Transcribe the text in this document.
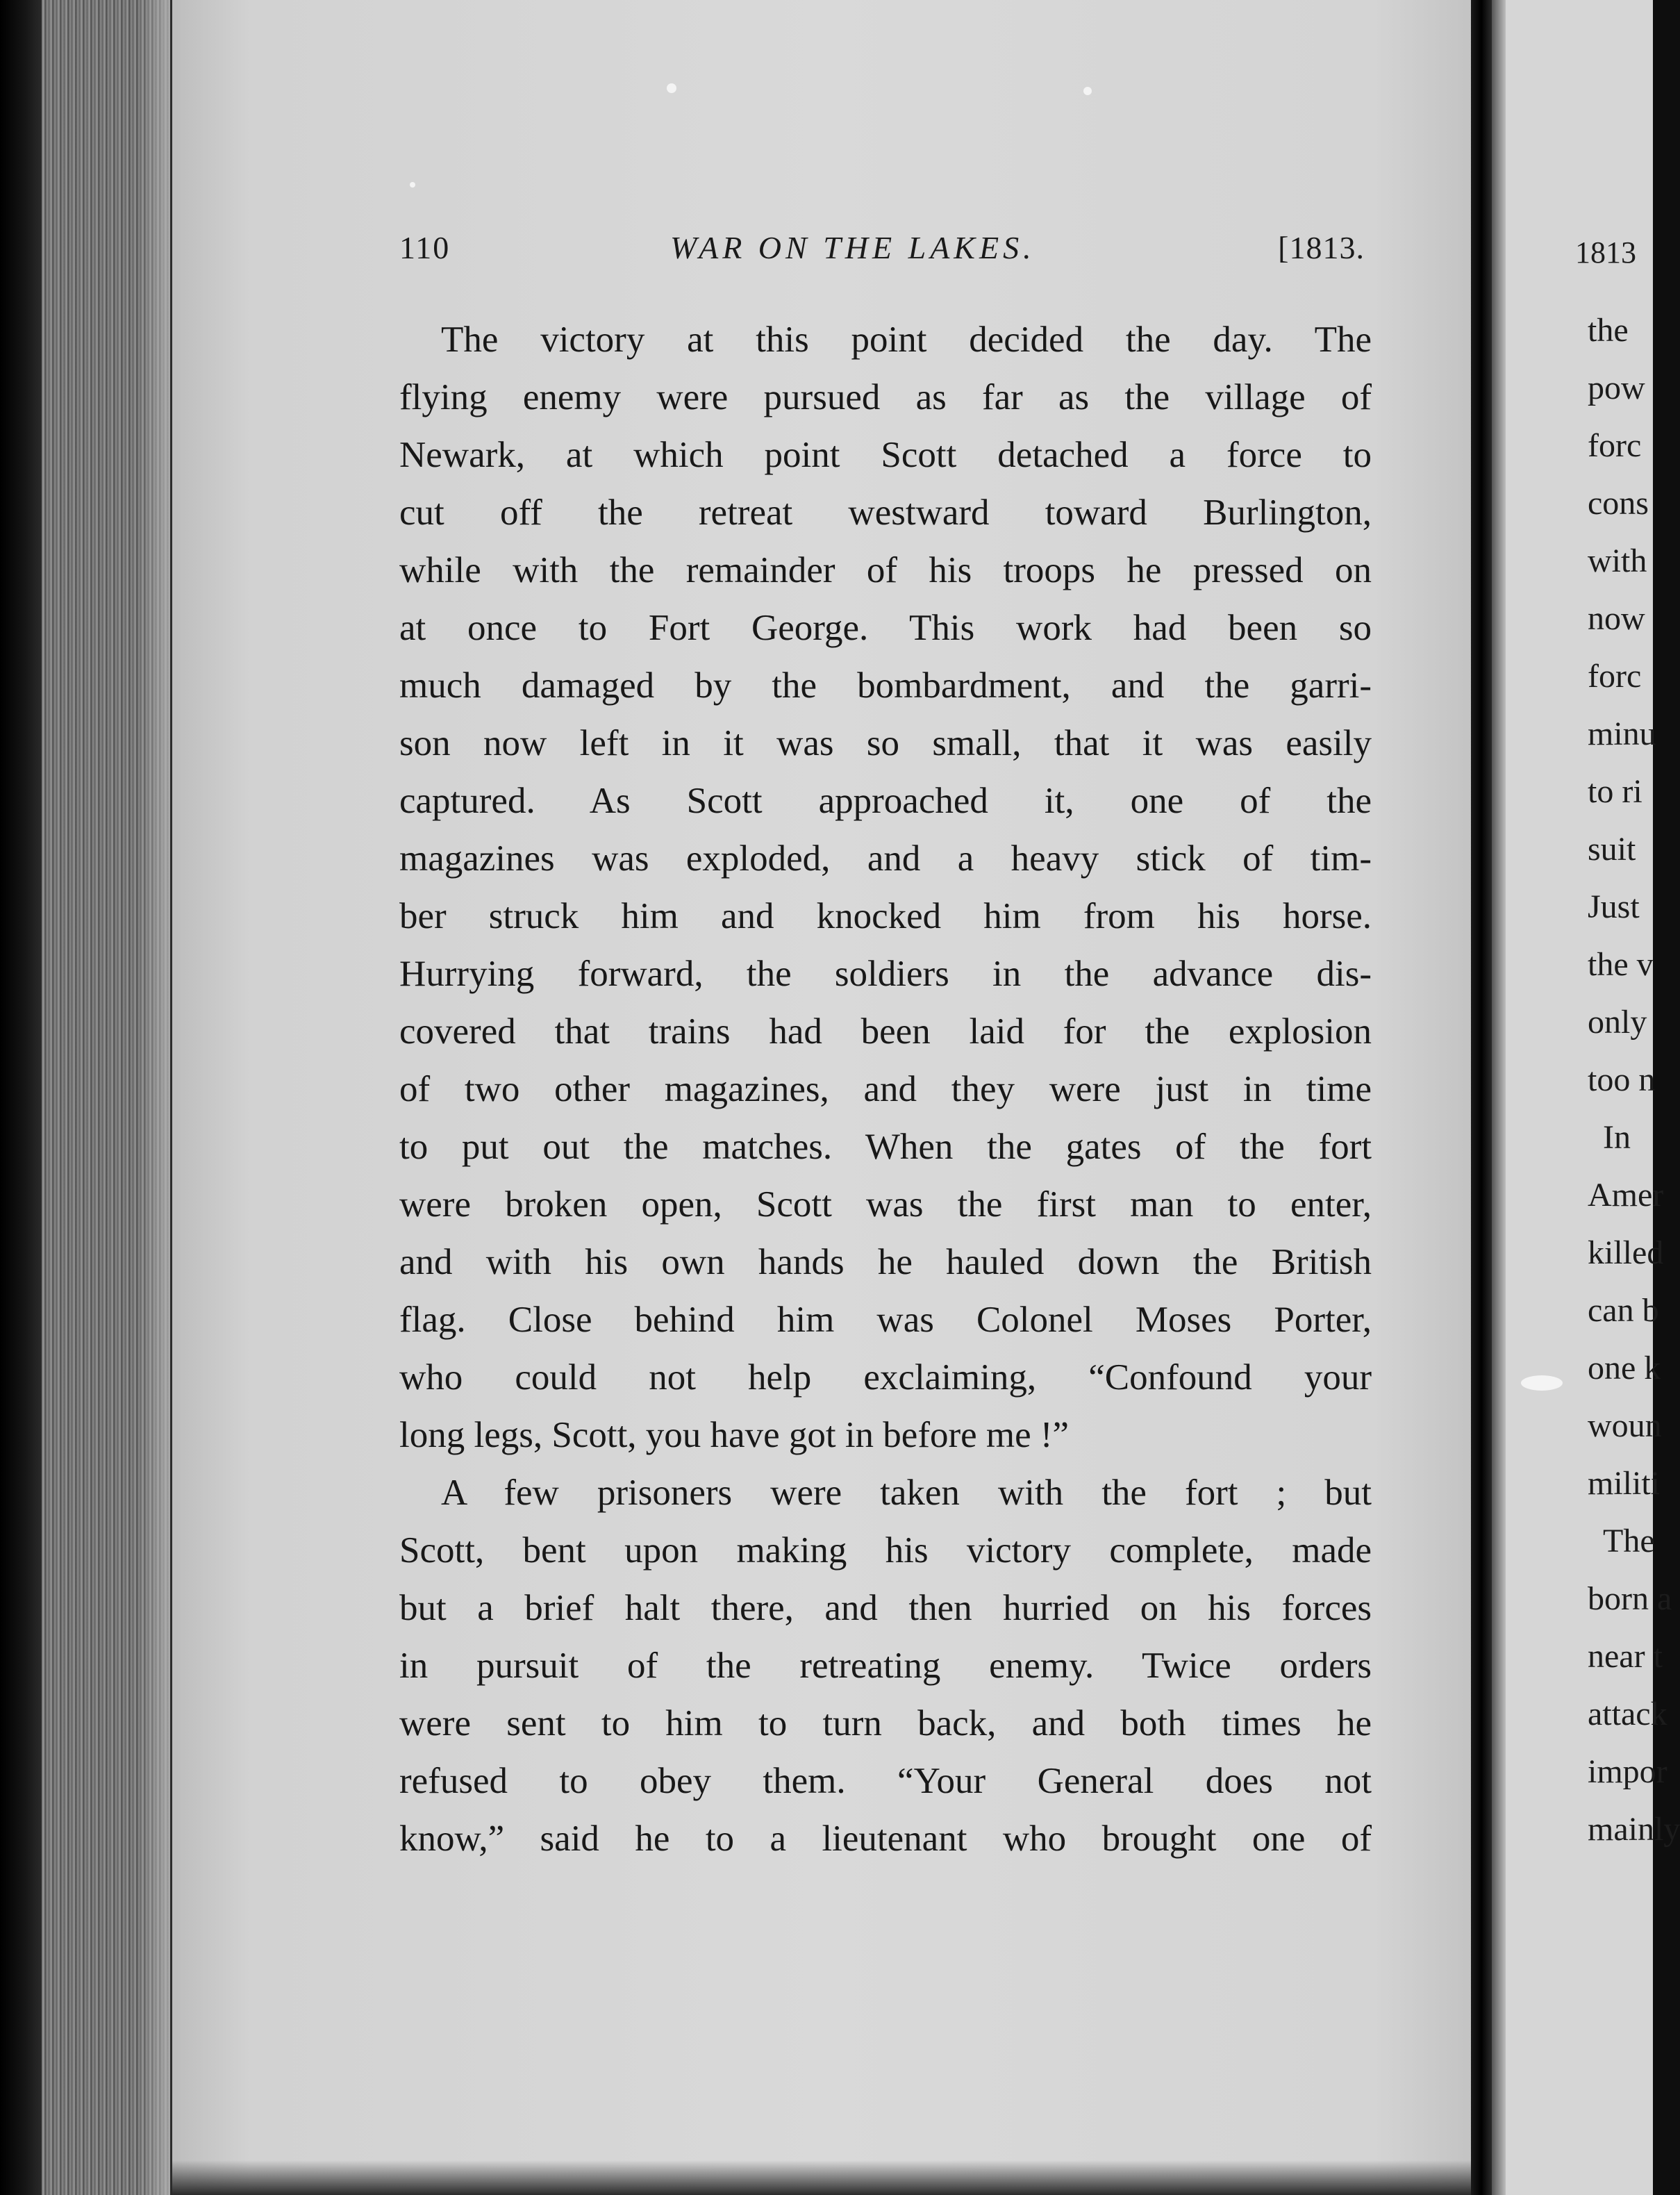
110	WAR ON THE LAKES.	[1813.
The victory at this point decided the day. The
flying enemy were pursued as far as the village of
Newark, at which point Scott detached a force to
cut off the retreat westward toward Burlington,
while with the remainder of his troops he pressed on
at once to Fort George. This work had been so
much damaged by the bombardment, and the garri-
son now left in it was so small, that it was easily
captured. As Scott approached it, one of the
magazines was exploded, and a heavy stick of tim-
ber struck him and knocked him from his horse.
Hurrying forward, the soldiers in the advance dis-
covered that trains had been laid for the explosion
of two other magazines, and they were just in time
to put out the matches. When the gates of the fort
were broken open, Scott was the first man to enter,
and with his own hands he hauled down the British
flag. Close behind him was Colonel Moses Porter,
who could not help exclaiming, “Confound your
long legs, Scott, you have got in before me !”
A few prisoners were taken with the fort ; but
Scott, bent upon making his victory complete, made
but a brief halt there, and then hurried on his forces
in pursuit of the retreating enemy. Twice orders
were sent to him to turn back, and both times he
refused to obey them. “Your General does not
know,” said he to a lieutenant who brought one of
1813
the
pow
forc
cons
with
now
forc
minu
to ri
suit
Just
the v
only
too n
In
Amer
killed
can b
one k
woun
militi
The
born a
near t
attack
impor
mainly
